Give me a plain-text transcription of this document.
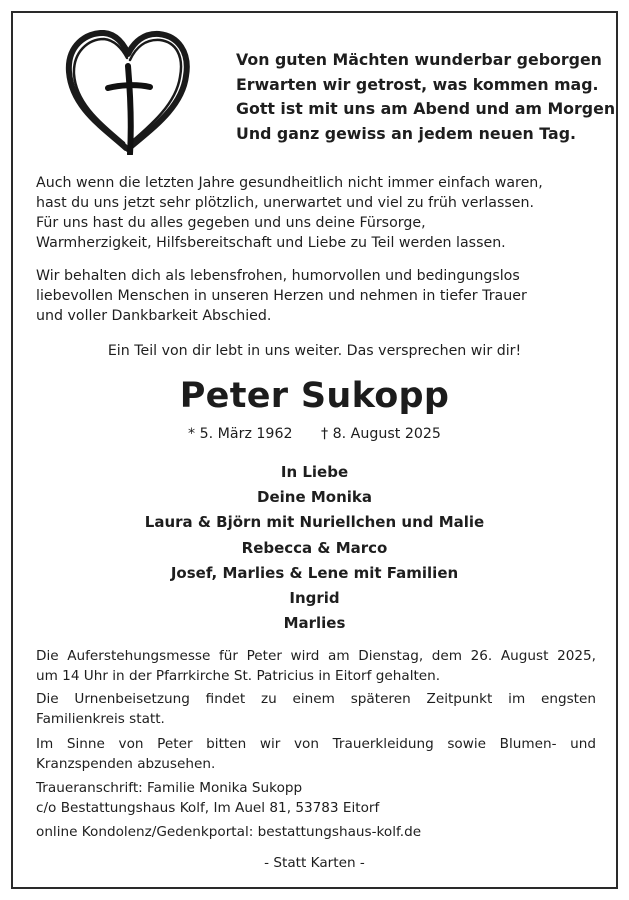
Von guten Mächten wunderbar geborgen
Erwarten wir getrost, was kommen mag.
Gott ist mit uns am Abend und am Morgen
Und ganz gewiss an jedem neuen Tag.
Auch wenn die letzten Jahre gesundheitlich nicht immer einfach waren,
hast du uns jetzt sehr plötzlich, unerwartet und viel zu früh verlassen.
Für uns hast du alles gegeben und uns deine Fürsorge,
Warmherzigkeit, Hilfsbereitschaft und Liebe zu Teil werden lassen.
Wir behalten dich als lebensfrohen, humorvollen und bedingungslos
liebevollen Menschen in unseren Herzen und nehmen in tiefer Trauer
und voller Dankbarkeit Abschied.
Ein Teil von dir lebt in uns weiter. Das versprechen wir dir!
Peter Sukopp
* 5. März 1962 † 8. August 2025
In Liebe
Deine Monika
Laura & Björn mit Nuriellchen und Malie
Rebecca & Marco
Josef, Marlies & Lene mit Familien
Ingrid
Marlies
Die Auferstehungsmesse für Peter wird am Dienstag, dem 26. August 2025,
um 14 Uhr in der Pfarrkirche St. Patricius in Eitorf gehalten.
Die Urnenbeisetzung findet zu einem späteren Zeitpunkt im engsten
Familienkreis statt.
Im Sinne von Peter bitten wir von Trauerkleidung sowie Blumen- und
Kranzspenden abzusehen.
Traueranschrift: Familie Monika Sukopp
c/o Bestattungshaus Kolf, Im Auel 81, 53783 Eitorf
online Kondolenz/Gedenkportal: bestattungshaus-kolf.de
- Statt Karten -
